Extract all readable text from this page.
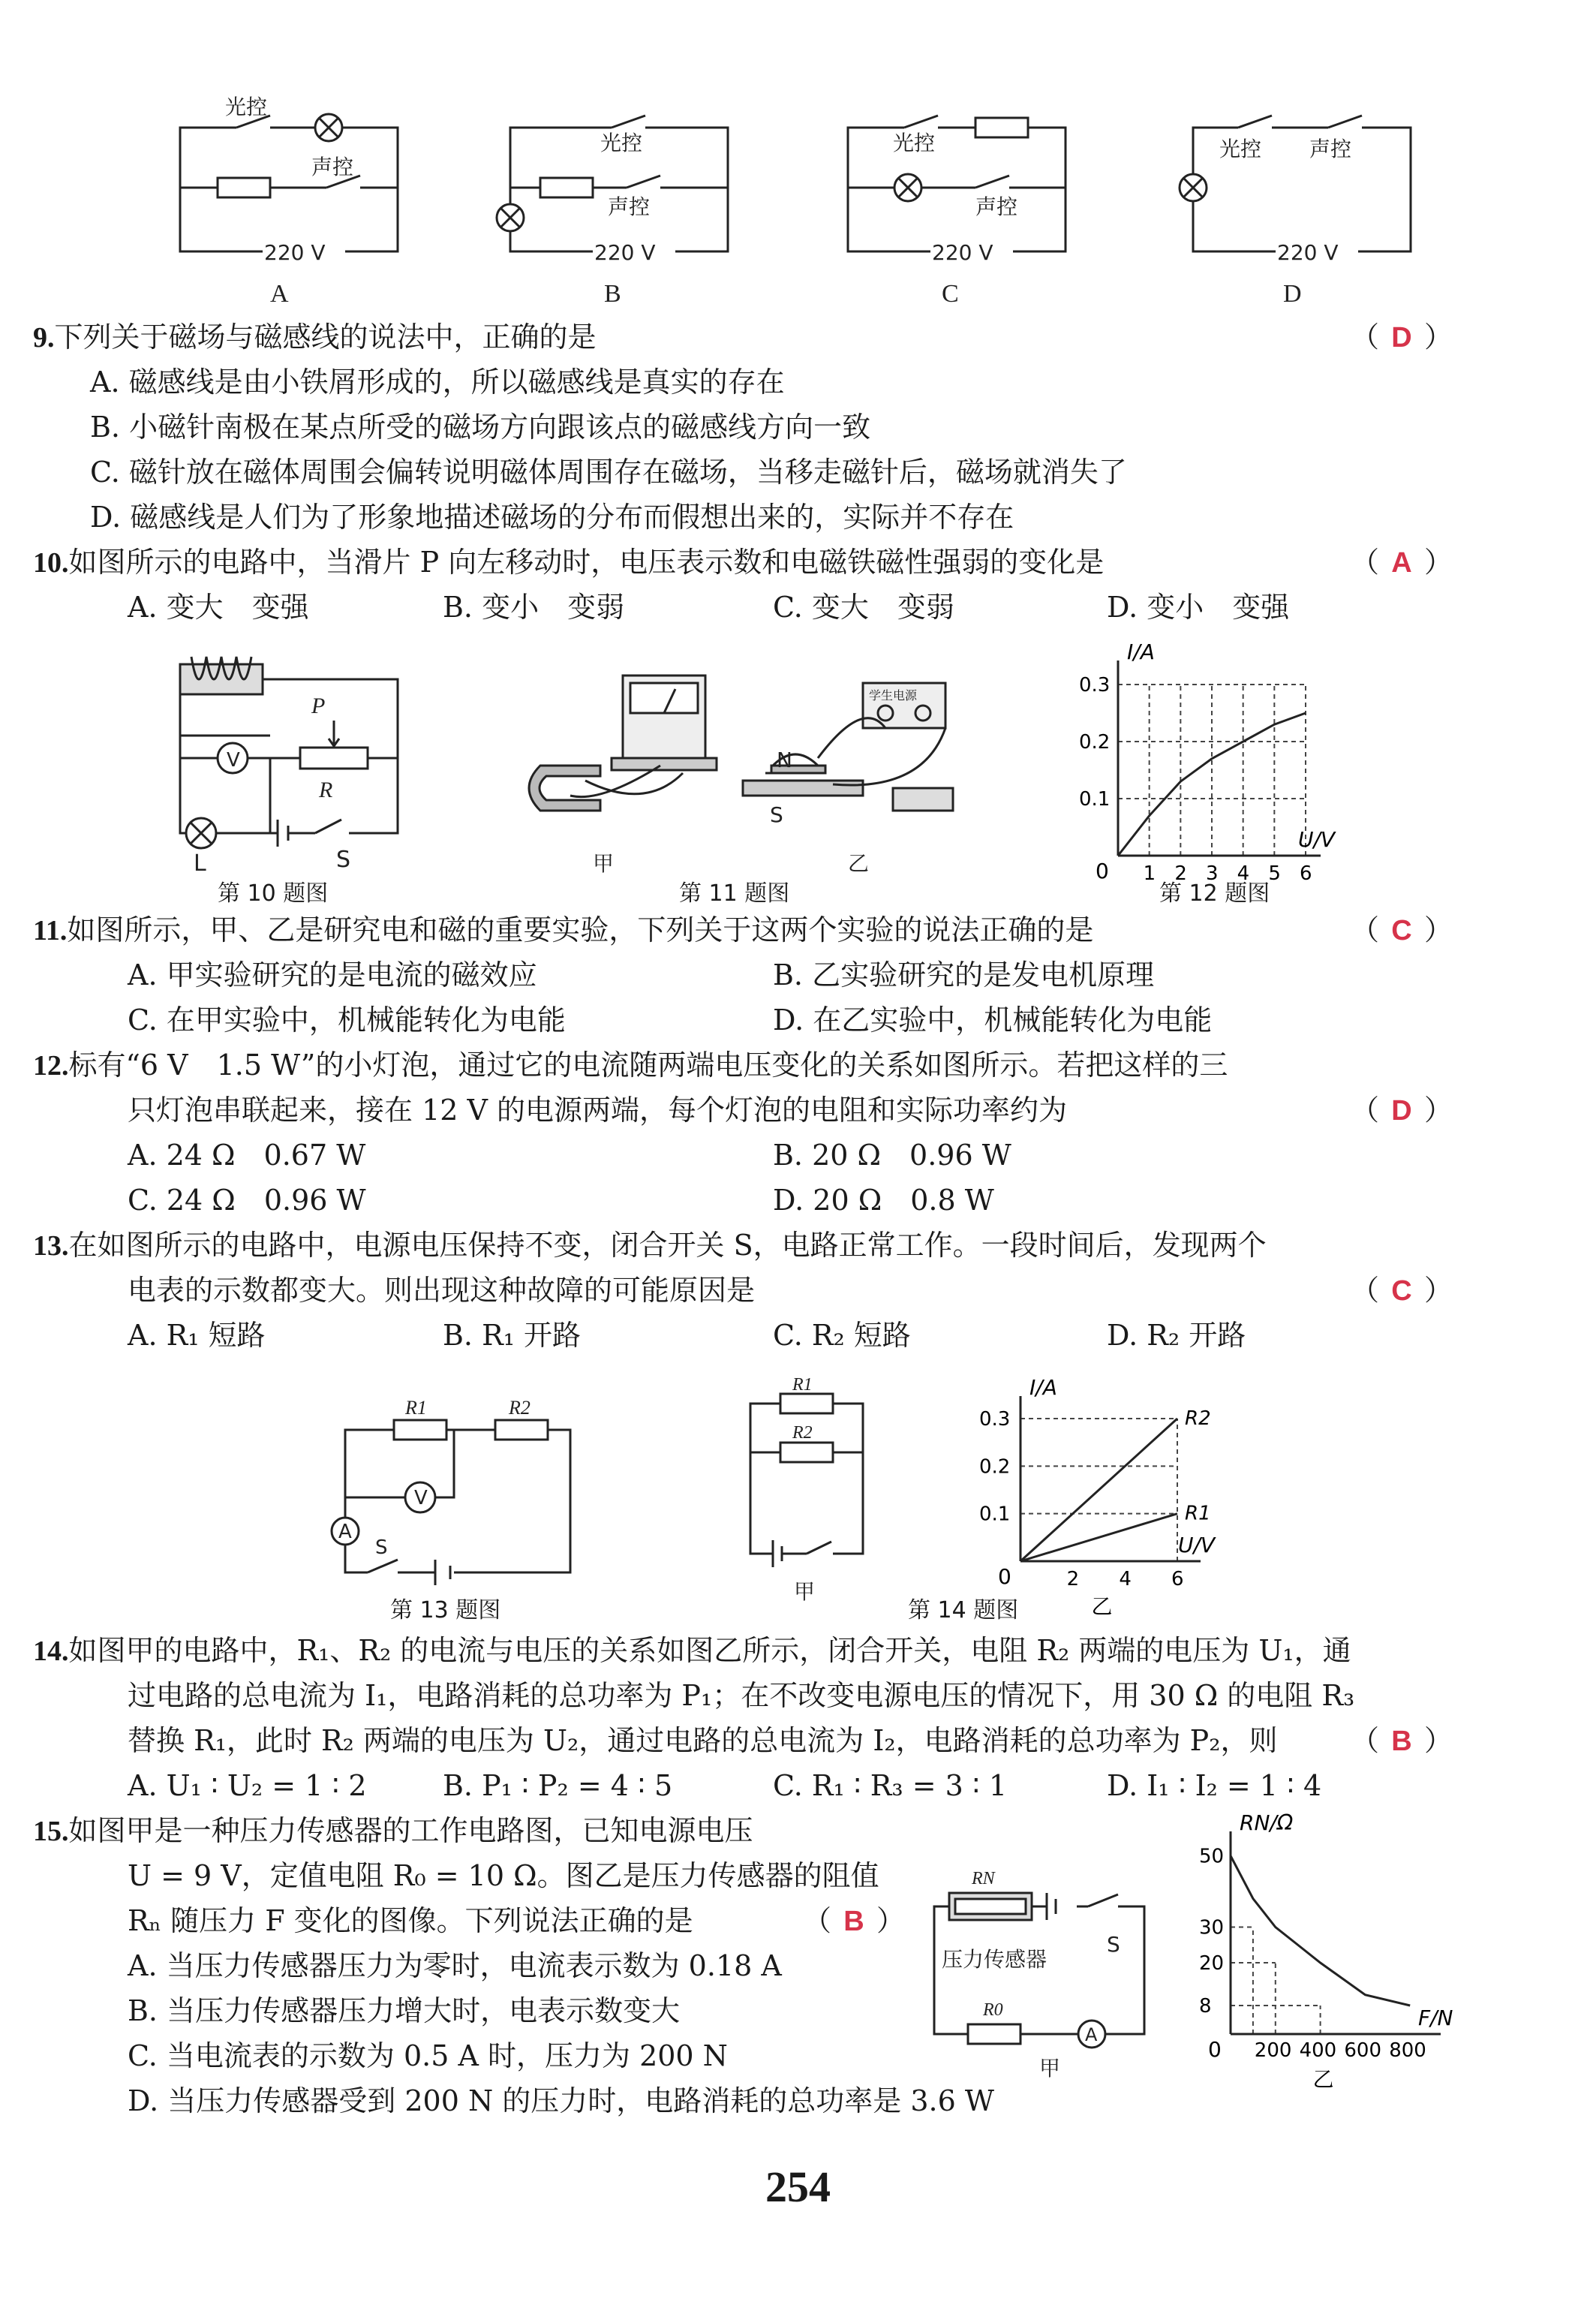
光控
声控
光控
声控
光控
声控
光控 声控
220 V	220 V	220 V	220 V
A	B	C	D
9.下列关于磁场与磁感线的说法中，正确的是	（ D ）
A. 磁感线是由小铁屑形成的，所以磁感线是真实的存在
B. 小磁针南极在某点所受的磁场方向跟该点的磁感线方向一致
C. 磁针放在磁体周围会偏转说明磁体周围存在磁场，当移走磁针后，磁场就消失了
D. 磁感线是人们为了形象地描述磁场的分布而假想出来的，实际并不存在
10.如图所示的电路中，当滑片 P 向左移动时，电压表示数和电磁铁磁性强弱的变化是	（ A ）
A. 变大　变强	B. 变小　变弱	C. 变大　变弱	D. 变小　变强
V
P
R
L	S
N
S
学生电源
甲	乙	0
I/A
U/V
0.1
0.2
0.3
1 2 3 4 5 6
第 10 题图	第 11 题图	第 12 题图
11.如图所示，甲、乙是研究电和磁的重要实验，下列关于这两个实验的说法正确的是	（ C ）
A. 甲实验研究的是电流的磁效应	B. 乙实验研究的是发电机原理
C. 在甲实验中，机械能转化为电能	D. 在乙实验中，机械能转化为电能
12.标有“6 V　1.5 W”的小灯泡，通过它的电流随两端电压变化的关系如图所示。若把这样的三
只灯泡串联起来，接在 12 V 的电源两端，每个灯泡的电阻和实际功率约为	（ D ）
A. 24 Ω　0.67 W	B. 20 Ω　0.96 W
C. 24 Ω　0.96 W	D. 20 Ω　0.8 W
13.在如图所示的电路中，电源电压保持不变，闭合开关 S，电路正常工作。一段时间后，发现两个
电表的示数都变大。则出现这种故障的可能原因是	（ C ）
A. R₁ 短路	B. R₁ 开路	C. R₂ 短路	D. R₂ 开路
R1	R2
V
A
S
R1
R2
甲
0
I/A
U/V
0.1
0.2
0.3
2 4 6
R2
R1
乙
第 13 题图	第 14 题图
14.如图甲的电路中，R₁、R₂ 的电流与电压的关系如图乙所示，闭合开关，电阻 R₂ 两端的电压为 U₁，通
过电路的总电流为 I₁，电路消耗的总功率为 P₁；在不改变电源电压的情况下，用 30 Ω 的电阻 R₃
替换 R₁，此时 R₂ 两端的电压为 U₂，通过电路的总电流为 I₂，电路消耗的总功率为 P₂，则	（ B ）
A. U₁ ∶ U₂ = 1 ∶ 2	B. P₁ ∶ P₂ = 4 ∶ 5	C. R₁ ∶ R₃ = 3 ∶ 1	D. I₁ ∶ I₂ = 1 ∶ 4
15.如图甲是一种压力传感器的工作电路图，已知电源电压
U = 9 V，定值电阻 R₀ = 10 Ω。图乙是压力传感器的阻值
Rₙ 随压力 F 变化的图像。下列说法正确的是	（ B ）
A. 当压力传感器压力为零时，电流表示数为 0.18 A
B. 当压力传感器压力增大时，电表示数变大
C. 当电流表的示数为 0.5 A 时，压力为 200 N
D. 当压力传感器受到 200 N 的压力时，电路消耗的总功率是 3.6 W
RN
压力传感器
S
R0
A
甲
0
RN/Ω
F/N
8
20
30
50
200 400 600 800
乙
254
